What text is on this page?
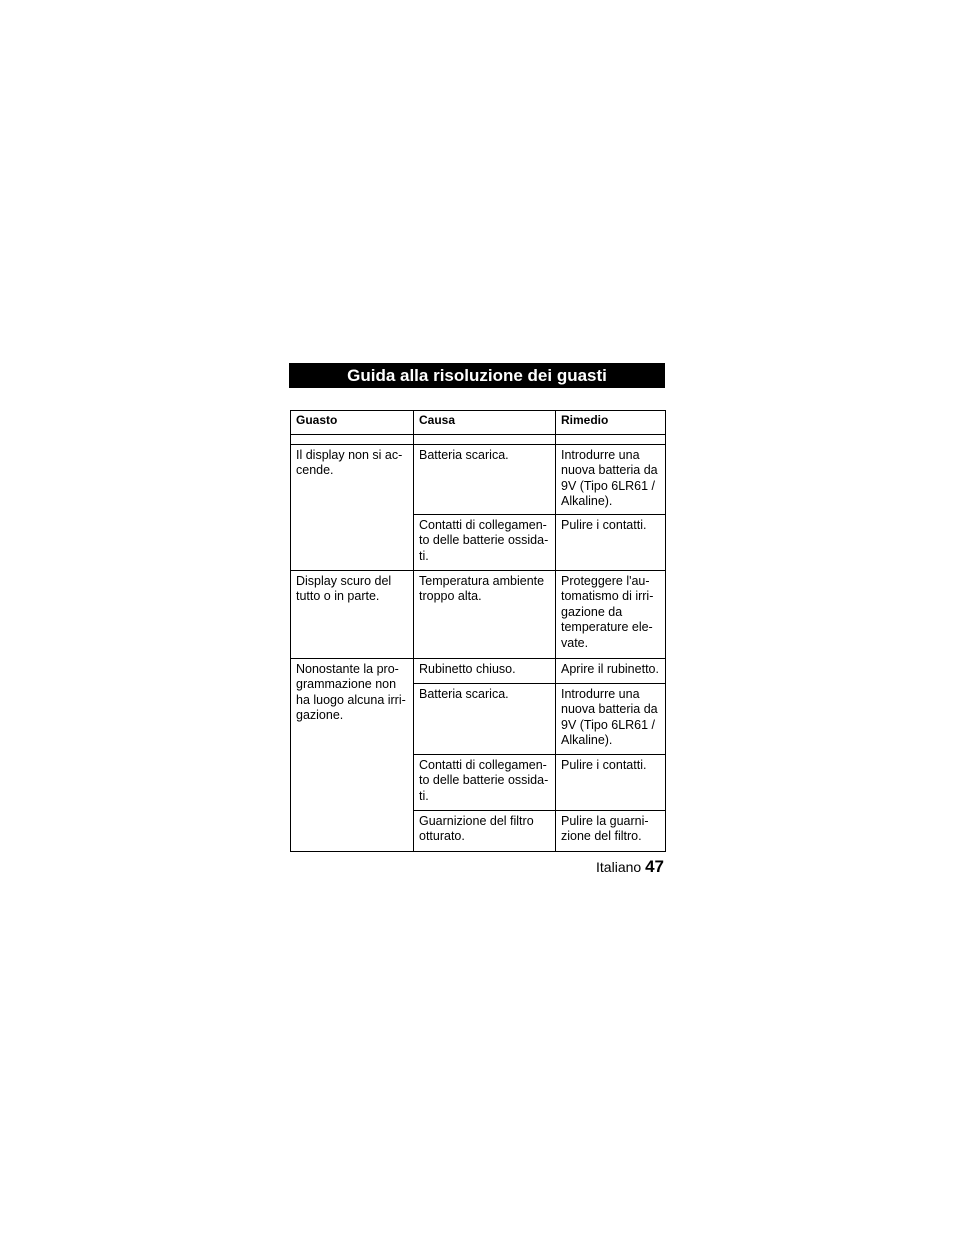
Guida alla risoluzione dei guasti
Guasto	Causa	Rimedio

Il display non si ac-cende.	Batteria scarica.	Introdurre una nuova batteria da 9V (Tipo 6LR61 / Alkaline).
	Contatti di collegamen-to delle batterie ossida-ti.	Pulire i contatti.
Display scuro del tutto o in parte.	Temperatura ambiente troppo alta.	Proteggere l'au-tomatismo di irri-gazione da temperature ele-vate.
Nonostante la pro-grammazione non ha luogo alcuna irri-gazione.	Rubinetto chiuso.	Aprire il rubinetto.
	Batteria scarica.	Introdurre una nuova batteria da 9V (Tipo 6LR61 / Alkaline).
	Contatti di collegamen-to delle batterie ossida-ti.	Pulire i contatti.
	Guarnizione del filtro otturato.	Pulire la guarni-zione del filtro.
Italiano 47
